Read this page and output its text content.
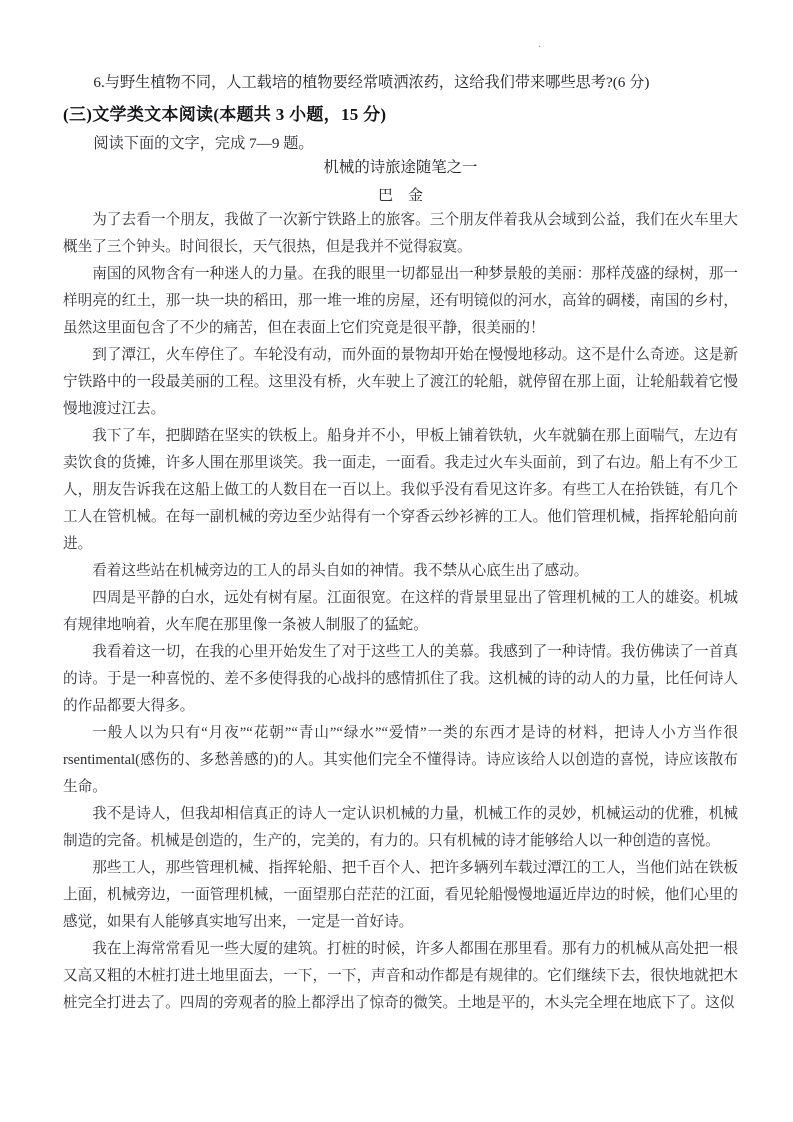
.

6.与野生植物不同，人工载培的植物要经常喷洒浓药，这给我们带来哪些思考?(6 分)

(三)文学类文本阅读(本题共 3 小题，15 分)

阅读下面的文字，完成 7—9 题。

机械的诗旅途随笔之一
巴　金

为了去看一个朋友，我做了一次新宁铁路上的旅客。三个朋友伴着我从会域到公益，我们在火车里大概坐了三个钟头。时间很长，天气很热，但是我并不觉得寂寞。

南国的风物含有一种迷人的力量。在我的眼里一切都显出一种梦景般的美丽：那样茂盛的绿树，那一样明亮的红土，那一块一块的稻田，那一堆一堆的房屋，还有明镜似的河水，高耸的碉楼，南国的乡村，虽然这里面包含了不少的痛苦，但在表面上它们究竟是很平静，很美丽的！

到了潭江，火车停住了。车轮没有动，而外面的景物却开始在慢慢地移动。这不是什么奇迹。这是新宁铁路中的一段最美丽的工程。这里没有桥，火车驶上了渡江的轮船，就停留在那上面，让轮船载着它慢慢地渡过江去。

我下了车，把脚踏在坚实的铁板上。船身并不小，甲板上铺着铁轨，火车就躺在那上面喘气，左边有卖饮食的货摊，许多人围在那里谈笑。我一面走，一面看。我走过火车头面前，到了右边。船上有不少工人，朋友告诉我在这船上做工的人数目在一百以上。我似乎没有看见这许多。有些工人在抬铁链，有几个工人在管机械。在每一副机械的旁边至少站得有一个穿香云纱衫裤的工人。他们管理机械，指挥轮船向前进。

看着这些站在机械旁边的工人的昂头自如的神情。我不禁从心底生出了感动。

四周是平静的白水，远处有树有屋。江面很宽。在这样的背景里显出了管理机械的工人的雄姿。机城有规律地响着，火车爬在那里像一条被人制服了的猛蛇。

我看着这一切，在我的心里开始发生了对于这些工人的美慕。我感到了一种诗情。我仿佛读了一首真的诗。于是一种喜悦的、差不多使得我的心战抖的感情抓住了我。这机械的诗的动人的力量，比任何诗人的作品都要大得多。

一般人以为只有“月夜”“花朝”“青山”“绿水”“爱情”一类的东西才是诗的材料，把诗人小方当作很 rsentimental(感伤的、多愁善感的)的人。其实他们完全不懂得诗。诗应该给人以创造的喜悦，诗应该散布生命。

我不是诗人，但我却相信真正的诗人一定认识机械的力量，机械工作的灵妙，机械运动的优雅，机械制造的完备。机械是创造的，生产的，完美的，有力的。只有机械的诗才能够给人以一种创造的喜悦。

那些工人，那些管理机械、指挥轮船、把千百个人、把许多辆列车载过潭江的工人，当他们站在铁板上面，机械旁边，一面管理机械，一面望那白茫茫的江面，看见轮船慢慢地逼近岸边的时候，他们心里的感觉，如果有人能够真实地写出来，一定是一首好诗。

我在上海常常看见一些大厦的建筑。打桩的时候，许多人都围在那里看。那有力的机械从高处把一根又高又粗的木桩打进土地里面去，一下，一下，声音和动作都是有规律的。它们继续下去，很快地就把木桩完全打进去了。四周的旁观者的脸上都浮出了惊奇的微笑。土地是平的，木头完全埋在地底下了。这似
